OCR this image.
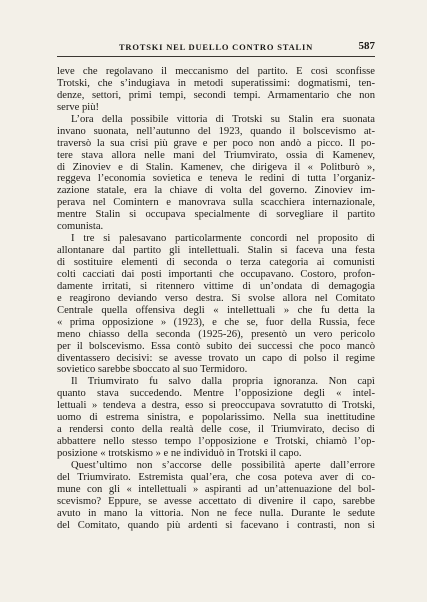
TROTSKI NEL DUELLO CONTRO STALIN	587
leve che regolavano il meccanismo del partito. E così sconfisse
Trotski, che s’indugiava in metodi superatissimi: dogmatismi, ten-
denze, settori, primi tempi, secondi tempi. Armamentario che non
serve più!
L’ora della possibile vittoria di Trotski su Stalin era suonata
invano suonata, nell’autunno del 1923, quando il bolscevismo at-
traversò la sua crisi più grave e per poco non andò a picco. Il po-
tere stava allora nelle mani del Triumvirato, ossia di Kamenev,
di Zinoviev e di Stalin. Kamenev, che dirigeva il « Politburò »,
reggeva l’economia sovietica e teneva le redini di tutta l’organiz-
zazione statale, era la chiave di volta del governo. Zinoviev im-
perava nel Comintern e manovrava sulla scacchiera internazionale,
mentre Stalin si occupava specialmente di sorvegliare il partito
comunista.
I tre si palesavano particolarmente concordi nel proposito di
allontanare dal partito gli intellettuali. Stalin si faceva una festa
di sostituire elementi di seconda o terza categoria ai comunisti
colti cacciati dai posti importanti che occupavano. Costoro, profon-
damente irritati, si ritennero vittime di un’ondata di demagogia
e reagirono deviando verso destra. Si svolse allora nel Comitato
Centrale quella offensiva degli « intellettuali » che fu detta la
« prima opposizione » (1923), e che se, fuor della Russia, fece
meno chiasso della seconda (1925-26), presentò un vero pericolo
per il bolscevismo. Essa contò subito dei successi che poco mancò
diventassero decisivi: se avesse trovato un capo di polso il regime
sovietico sarebbe sboccato al suo Termidoro.
Il Triumvirato fu salvo dalla propria ignoranza. Non capì
quanto stava succedendo. Mentre l’opposizione degli « intel-
lettuali » tendeva a destra, esso si preoccupava sovratutto di Trotski,
uomo di estrema sinistra, e popolarissimo. Nella sua inettitudine
a rendersi conto della realtà delle cose, il Triumvirato, deciso di
abbattere nello stesso tempo l’opposizione e Trotski, chiamò l’op-
posizione « trotskismo » e ne individuò in Trotski il capo.
Quest’ultimo non s’accorse delle possibilità aperte dall’errore
del Triumvirato. Estremista qual’era, che cosa poteva aver di co-
mune con gli « intellettuali » aspiranti ad un’attenuazione del bol-
scevismo? Eppure, se avesse accettato di divenire il capo, sarebbe
avuto in mano la vittoria. Non ne fece nulla. Durante le sedute
del Comitato, quando più ardenti si facevano i contrasti, non si
